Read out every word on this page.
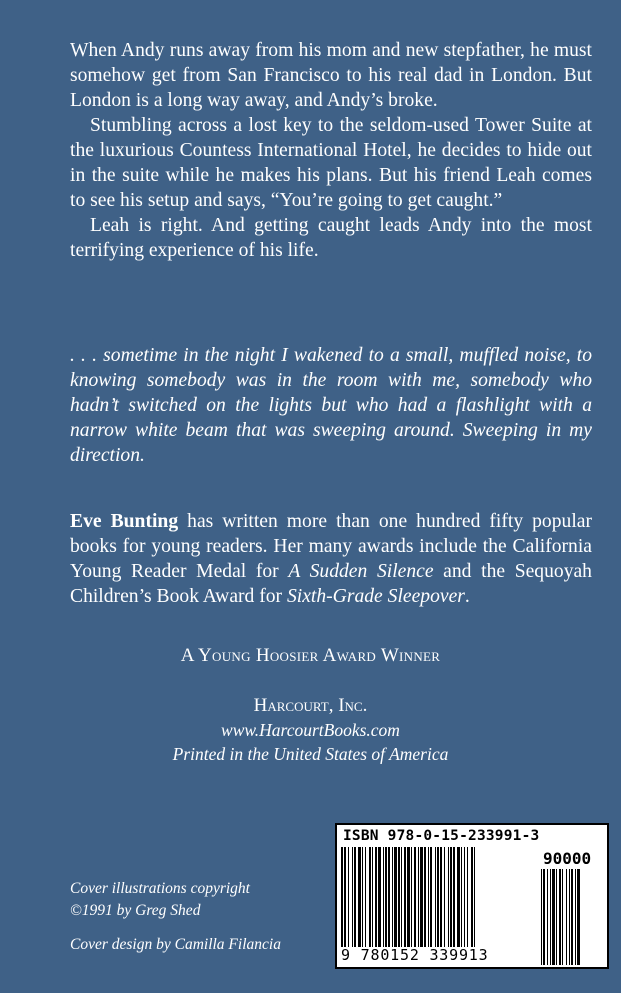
When Andy runs away from his mom and new stepfather, he must somehow get from San Francisco to his real dad in London. But London is a long way away, and Andy’s broke.

Stumbling across a lost key to the seldom-used Tower Suite at the luxurious Countess International Hotel, he decides to hide out in the suite while he makes his plans. But his friend Leah comes to see his setup and says, “You’re going to get caught.”

Leah is right. And getting caught leads Andy into the most terrifying experience of his life.

. . . sometime in the night I wakened to a small, muffled noise, to knowing somebody was in the room with me, somebody who hadn’t switched on the lights but who had a flashlight with a narrow white beam that was sweeping around. Sweeping in my direction.

Eve Bunting has written more than one hundred fifty popular books for young readers. Her many awards include the California Young Reader Medal for A Sudden Silence and the Sequoyah Children’s Book Award for Sixth-Grade Sleepover.

A Young Hoosier Award Winner
Harcourt, Inc.
www.HarcourtBooks.com
Printed in the United States of America
Cover illustrations copyright
©1991 by Greg Shed
Cover design by Camilla Filancia
ISBN 978-0-15-233991-3
90000
9 780152 339913
